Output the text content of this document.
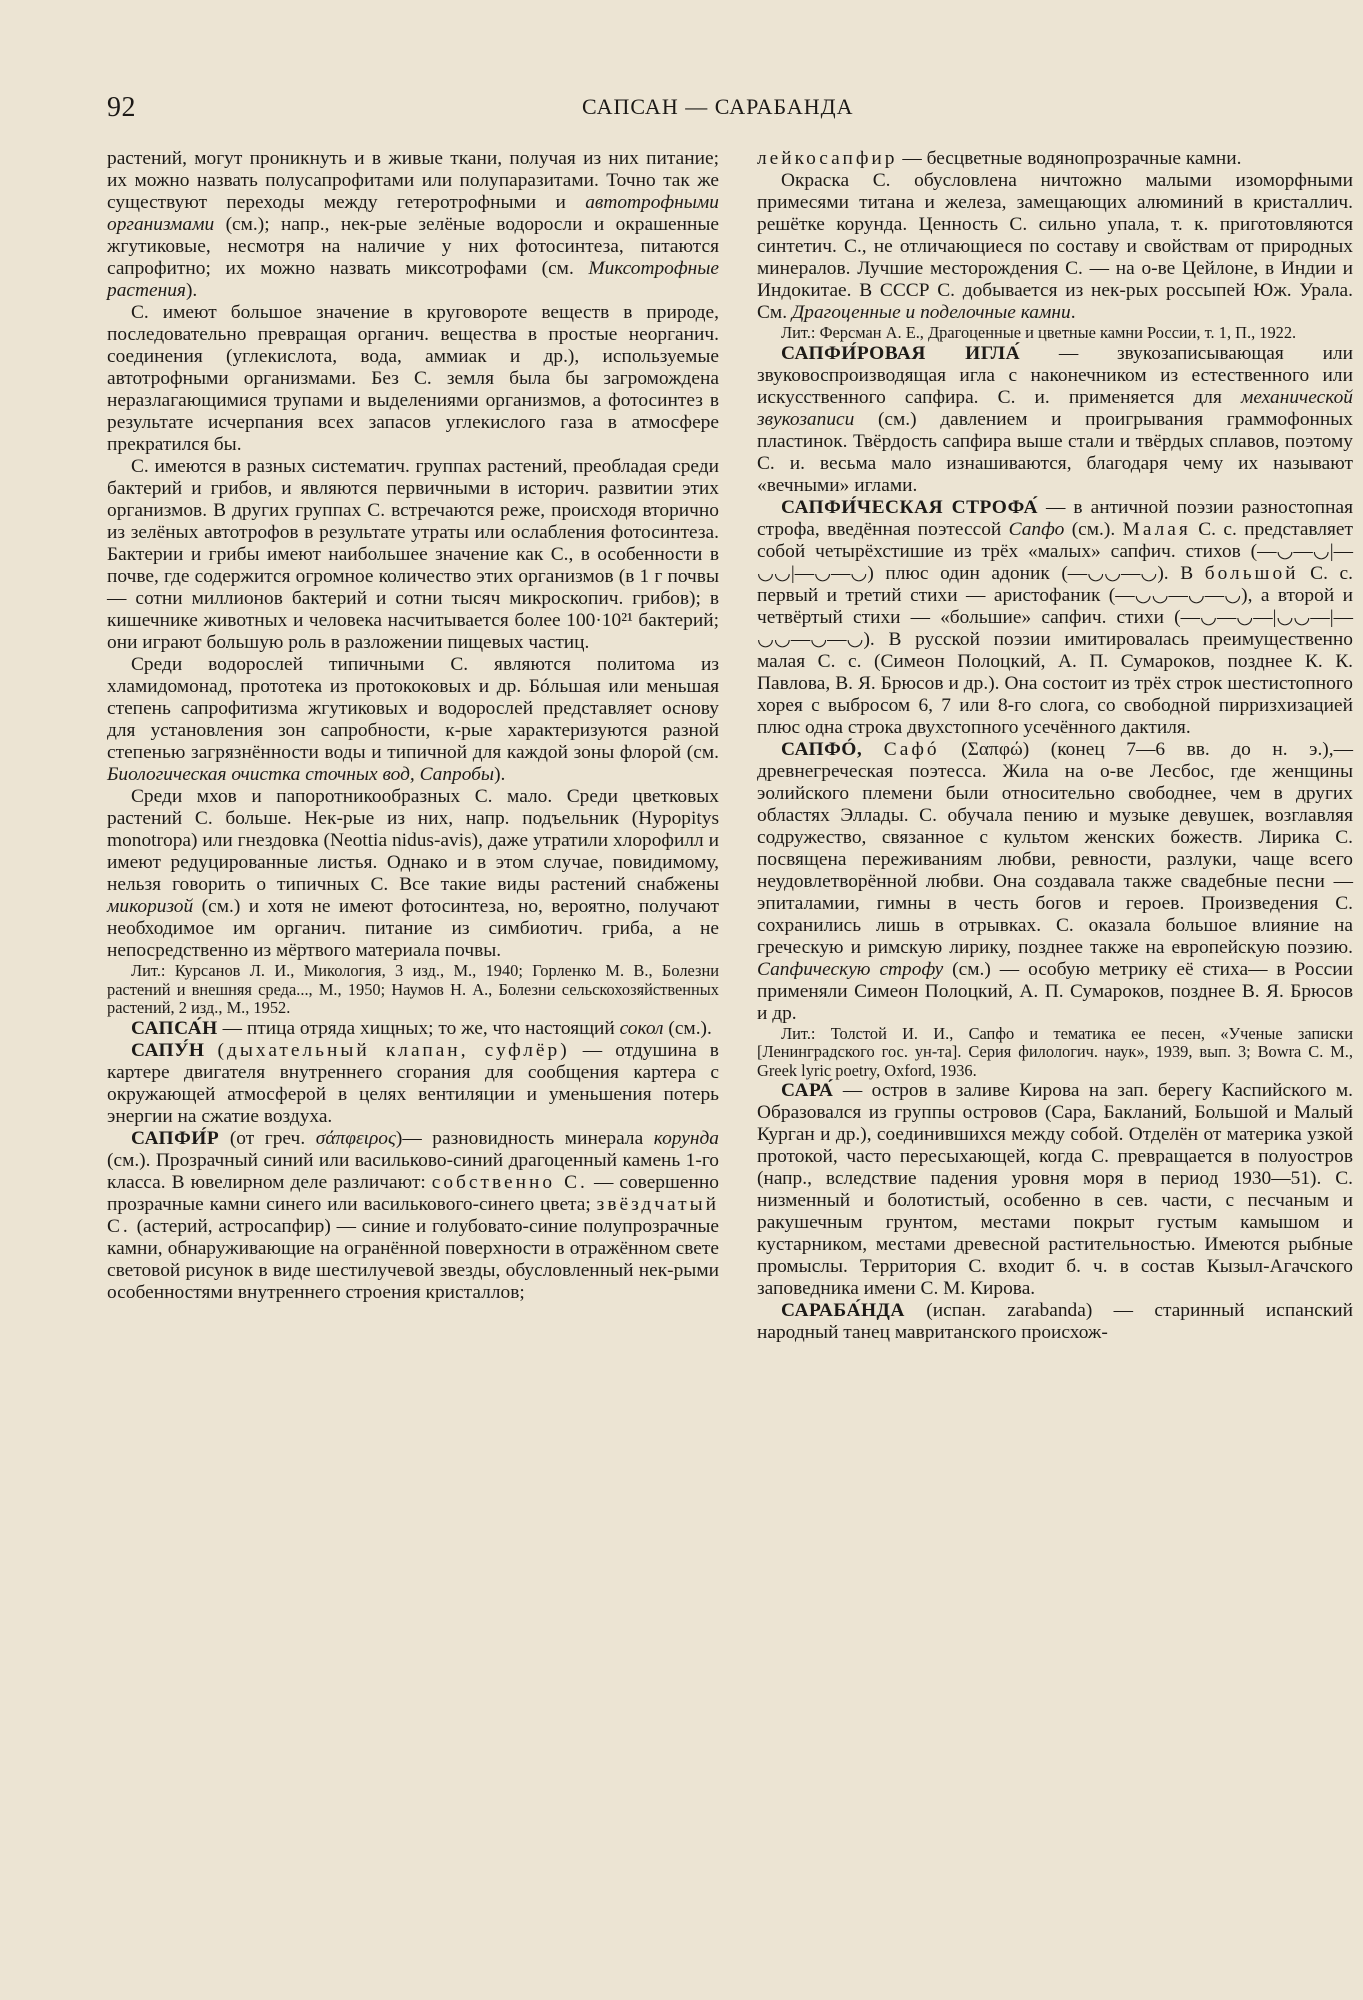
92	САПСАН — САРАБАНДА

растений, могут проникнуть и в живые ткани, получая из них питание; их можно назвать полусапрофитами или полупаразитами. Точно так же существуют переходы между гетеротрофными и автотрофными организмами (см.); напр., нек-рые зелёные водоросли и окрашенные жгутиковые, несмотря на наличие у них фотосинтеза, питаются сапрофитно; их можно назвать миксотрофами (см. Миксотрофные растения).

С. имеют большое значение в круговороте веществ в природе, последовательно превращая органич. вещества в простые неорганич. соединения (углекислота, вода, аммиак и др.), используемые автотрофными организмами. Без С. земля была бы загромождена неразлагающимися трупами и выделениями организмов, а фотосинтез в результате исчерпания всех запасов углекислого газа в атмосфере прекратился бы.

С. имеются в разных систематич. группах растений, преобладая среди бактерий и грибов, и являются первичными в историч. развитии этих организмов. В других группах С. встречаются реже, происходя вторично из зелёных автотрофов в результате утраты или ослабления фотосинтеза. Бактерии и грибы имеют наибольшее значение как С., в особенности в почве, где содержится огромное количество этих организмов (в 1 г почвы — сотни миллионов бактерий и сотни тысяч микроскопич. грибов); в кишечнике животных и человека насчитывается более 100·10²¹ бактерий; они играют большую роль в разложении пищевых частиц.

Среди водорослей типичными С. являются политома из хламидомонад, прототека из протококовых и др. Бóльшая или меньшая степень сапрофитизма жгутиковых и водорослей представляет основу для установления зон сапробности, к-рые характеризуются разной степенью загрязнённости воды и типичной для каждой зоны флорой (см. Биологическая очистка сточных вод, Сапробы).

Среди мхов и папоротникообразных С. мало. Среди цветковых растений С. больше. Нек-рые из них, напр. подъельник (Hypopitys monotropa) или гнездовка (Neottia nidus-avis), даже утратили хлорофилл и имеют редуцированные листья. Однако и в этом случае, повидимому, нельзя говорить о типичных С. Все такие виды растений снабжены микоризой (см.) и хотя не имеют фотосинтеза, но, вероятно, получают необходимое им органич. питание из симбиотич. гриба, а не непосредственно из мёртвого материала почвы.

Лит.: Курсанов Л. И., Микология, 3 изд., М., 1940; Горленко М. В., Болезни растений и внешняя среда..., М., 1950; Наумов Н. А., Болезни сельскохозяйственных растений, 2 изд., М., 1952.

САПСА́Н — птица отряда хищных; то же, что настоящий сокол (см.).

САПУ́Н (дыхательный клапан, суфлёр) — отдушина в картере двигателя внутреннего сгорания для сообщения картера с окружающей атмосферой в целях вентиляции и уменьшения потерь энергии на сжатие воздуха.

САПФИ́Р (от греч. σάπφειρος)— разновидность минерала корунда (см.). Прозрачный синий или васильково-синий драгоценный камень 1-го класса. В ювелирном деле различают: собственно С. — совершенно прозрачные камни синего или василькового-синего цвета; звёздчатый С. (астерий, астросапфир) — синие и голубовато-синие полупрозрачные камни, обнаруживающие на огранённой поверхности в отражённом свете световой рисунок в виде шестилучевой звезды, обусловленный нек-рыми особенностями внутреннего строения кристаллов;

лейкосапфир — бесцветные водянопрозрачные камни.

Окраска С. обусловлена ничтожно малыми изоморфными примесями титана и железа, замещающих алюминий в кристаллич. решётке корунда. Ценность С. сильно упала, т. к. приготовляются синтетич. С., не отличающиеся по составу и свойствам от природных минералов. Лучшие месторождения С. — на о-ве Цейлоне, в Индии и Индокитае. В СССР С. добывается из нек-рых россыпей Юж. Урала. См. Драгоценные и поделочные камни.

Лит.: Ферсман А. Е., Драгоценные и цветные камни России, т. 1, П., 1922.

САПФИ́РОВАЯ ИГЛА́ — звукозаписывающая или звуковоспроизводящая игла с наконечником из естественного или искусственного сапфира. С. и. применяется для механической звукозаписи (см.) давлением и проигрывания граммофонных пластинок. Твёрдость сапфира выше стали и твёрдых сплавов, поэтому С. и. весьма мало изнашиваются, благодаря чему их называют «вечными» иглами.

САПФИ́ЧЕСКАЯ СТРОФА́ — в античной поэзии разностопная строфа, введённая поэтессой Сапфо (см.). Малая С. с. представляет собой четырёхстишие из трёх «малых» сапфич. стихов (—◡—◡|—◡◡|—◡—◡) плюс один адоник (—◡◡—◡). В большой С. с. первый и третий стихи — аристофаник (—◡◡—◡—◡), а второй и четвёртый стихи — «большие» сапфич. стихи (—◡—◡—|◡◡—|—◡◡—◡—◡). В русской поэзии имитировалась преимущественно малая С. с. (Симеон Полоцкий, А. П. Сумароков, позднее К. К. Павлова, В. Я. Брюсов и др.). Она состоит из трёх строк шестистопного хорея с выбросом 6, 7 или 8-го слога, со свободной пирризхизацией плюс одна строка двухстопного усечённого дактиля.

САПФÓ, Сафó (Σαπφώ) (конец 7—6 вв. до н. э.),— древнегреческая поэтесса. Жила на о-ве Лесбос, где женщины эолийского племени были относительно свободнее, чем в других областях Эллады. С. обучала пению и музыке девушек, возглавляя содружество, связанное с культом женских божеств. Лирика С. посвящена переживаниям любви, ревности, разлуки, чаще всего неудовлетворённой любви. Она создавала также свадебные песни — эпиталамии, гимны в честь богов и героев. Произведения С. сохранились лишь в отрывках. С. оказала большое влияние на греческую и римскую лирику, позднее также на европейскую поэзию. Сапфическую строфу (см.) — особую метрику её стиха— в России применяли Симеон Полоцкий, А. П. Сумароков, позднее В. Я. Брюсов и др.

Лит.: Толстой И. И., Сапфо и тематика ее песен, «Ученые записки [Ленинградского гос. ун-та]. Серия филологич. наук», 1939, вып. 3; Bowra C. M., Greek lyric poetry, Oxford, 1936.

САРА́ — остров в заливе Кирова на зап. берегу Каспийского м. Образовался из группы островов (Сара, Бакланий, Большой и Малый Курган и др.), соединившихся между собой. Отделён от материка узкой протокой, часто пересыхающей, когда С. превращается в полуостров (напр., вследствие падения уровня моря в период 1930—51). С. низменный и болотистый, особенно в сев. части, с песчаным и ракушечным грунтом, местами покрыт густым камышом и кустарником, местами древесной растительностью. Имеются рыбные промыслы. Территория С. входит б. ч. в состав Кызыл-Агачского заповедника имени С. М. Кирова.

САРАБА́НДА (испан. zarabanda) — старинный испанский народный танец мавританского происхож-
